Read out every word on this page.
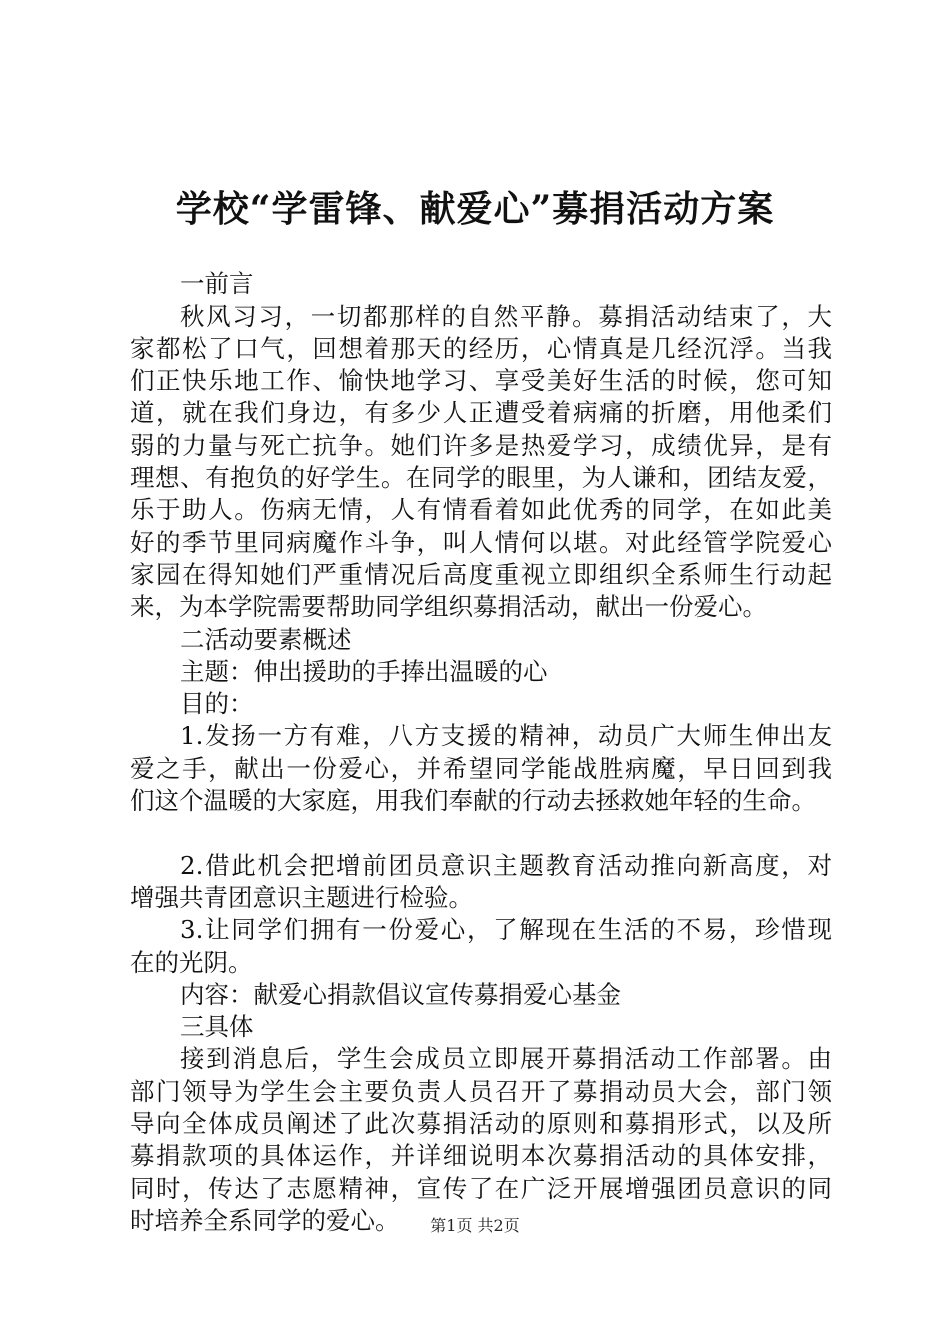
学校“学雷锋、献爱心”募捐活动方案
一前言
秋风习习，一切都那样的自然平静。募捐活动结束了，大
家都松了口气，回想着那天的经历，心情真是几经沉浮。当我
们正快乐地工作、愉快地学习、享受美好生活的时候，您可知
道，就在我们身边，有多少人正遭受着病痛的折磨，用他柔们
弱的力量与死亡抗争。她们许多是热爱学习，成绩优异，是有
理想、有抱负的好学生。在同学的眼里，为人谦和，团结友爱，
乐于助人。伤病无情，人有情看着如此优秀的同学，在如此美
好的季节里同病魔作斗争，叫人情何以堪。对此经管学院爱心
家园在得知她们严重情况后高度重视立即组织全系师生行动起
来，为本学院需要帮助同学组织募捐活动，献出一份爱心。
二活动要素概述
主题：伸出援助的手捧出温暖的心
目的：
1.发扬一方有难，八方支援的精神，动员广大师生伸出友
爱之手，献出一份爱心，并希望同学能战胜病魔，早日回到我
们这个温暖的大家庭，用我们奉献的行动去拯救她年轻的生命。
2.借此机会把增前团员意识主题教育活动推向新高度，对
增强共青团意识主题进行检验。
3.让同学们拥有一份爱心，了解现在生活的不易，珍惜现
在的光阴。
内容：献爱心捐款倡议宣传募捐爱心基金
三具体
接到消息后，学生会成员立即展开募捐活动工作部署。由
部门领导为学生会主要负责人员召开了募捐动员大会，部门领
导向全体成员阐述了此次募捐活动的原则和募捐形式，以及所
募捐款项的具体运作，并详细说明本次募捐活动的具体安排，
同时，传达了志愿精神，宣传了在广泛开展增强团员意识的同
时培养全系同学的爱心。	第1页 共2页
